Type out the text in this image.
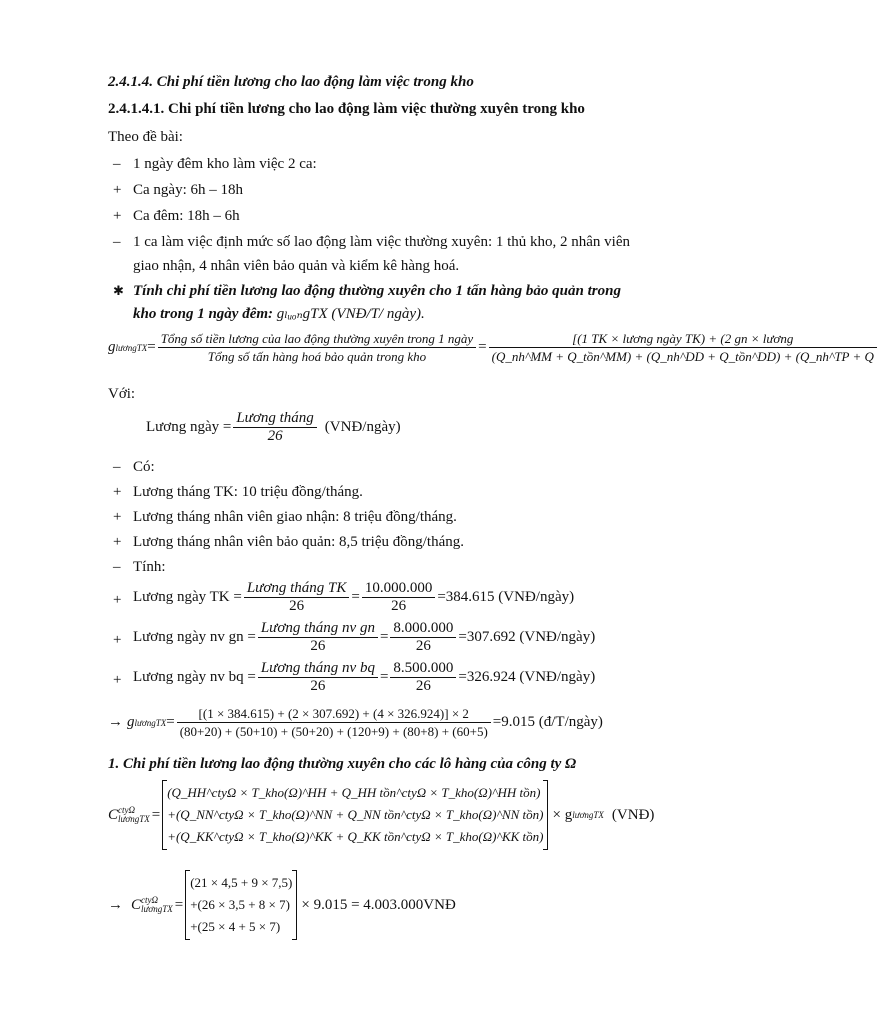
2.4.1.4. Chi phí tiền lương cho lao động làm việc trong kho
2.4.1.4.1. Chi phí tiền lương cho lao động làm việc thường xuyên trong kho
Theo đề bài:
– 1 ngày đêm kho làm việc 2 ca:
+ Ca ngày: 6h – 18h
+ Ca đêm: 18h – 6h
– 1 ca làm việc định mức số lao động làm việc thường xuyên: 1 thủ kho, 2 nhân viên
giao nhận, 4 nhân viên bảo quản và kiểm kê hàng hoá.
✱ Tính chi phí tiền lương lao động thường xuyên cho 1 tấn hàng bảo quản trong
kho trong 1 ngày đêm: gₗᵤₒₙgTX (VNĐ/T/ ngày).
g lươngTX = $\frac{\text{Tổng số tiền lương của lao động thường xuyên trong 1 ngày}}{\text{Tổng số tấn hàng hoá bảo quản trong kho}} = \frac{\text{[(1 TK × lương ngày TK) + (2 gn × lương}}{\text{(Q\_nh\textasciicircum{}MM + Q\_tồn\textasciicircum{}MM) + (Q\_nh\textasciicircum{}DD + Q\_tồn\textasciicircum{}DD) + (Q\_nh\textasciicircum{}TP + Q}}$
Với:
Lương ngày = $\frac{\text{Lương tháng}}{26}$ (VNĐ/ngày)
– Có:
+ Lương tháng TK: 10 triệu đồng/tháng.
+ Lương tháng nhân viên giao nhận: 8 triệu đồng/tháng.
+ Lương tháng nhân viên bảo quản: 8,5 triệu đồng/tháng.
– Tính:
+ Lương ngày TK = $\frac{\text{Lương tháng TK}}{26} = \frac{10.000.000}{26} =384.615$ (VNĐ/ngày)
+ Lương ngày nv gn = $\frac{\text{Lương tháng nv gn}}{26} = \frac{8.000.000}{26} =307.692$ (VNĐ/ngày)
+ Lương ngày nv bq = $\frac{\text{Lương tháng nv bq}}{26} = \frac{8.500.000}{26} =326.924$ (VNĐ/ngày)
→ g lươngTX = $\frac{[(1 \times 384.615) + (2 \times 307.692) + (4 \times 326.924)] \times 2}{(80+20) + (50+10) + (50+20) + (120+9) + (80+8) + (60+5)} =9.015$ (đ/T/ngày)
1. Chi phí tiền lương lao động thường xuyên cho các lô hàng của công ty Ω
C ctyΩ
lươngTX =
(Q_HH^ctyΩ × T_kho(Ω)^HH + Q_HH tồn^ctyΩ × T_kho(Ω)^HH tồn)
+(Q_NN^ctyΩ × T_kho(Ω)^NN + Q_NN tồn^ctyΩ × T_kho(Ω)^NN tồn)
+(Q_KK^ctyΩ × T_kho(Ω)^KK + Q_KK tồn^ctyΩ × T_kho(Ω)^KK tồn)
× g lươngTX (VNĐ)
→ C ctyΩ
lươngTX =
(21 × 4,5 + 9 × 7,5)
+(26 × 3,5 + 8 × 7)
+(25 × 4 + 5 × 7)
× 9.015 = 4.003.000 VNĐ
